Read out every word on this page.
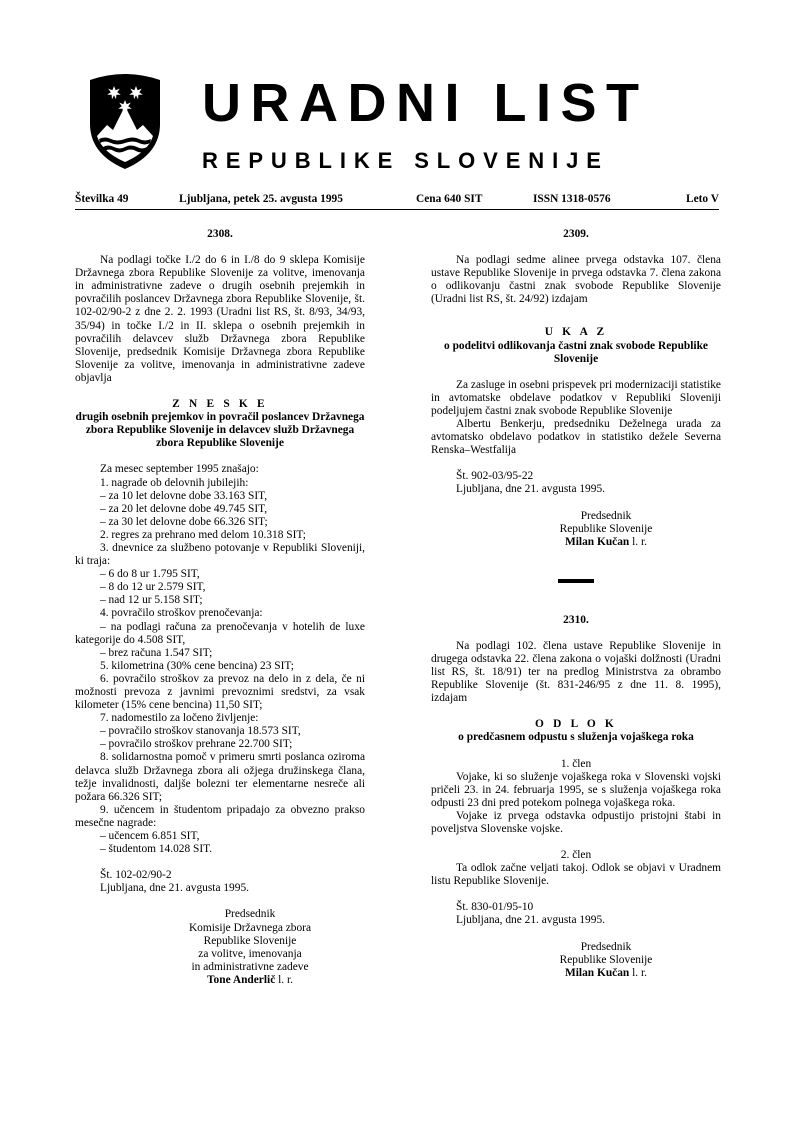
URADNI LIST
REPUBLIKE SLOVENIJE
Številka 49	Ljubljana, petek 25. avgusta 1995	Cena 640 SIT	ISSN 1318-0576	Leto V
2308.

Na podlagi točke I./2 do 6 in I./8 do 9 sklepa Komisije Državnega zbora Republike Slovenije za volitve, imenovanja in administrativne zadeve o drugih osebnih prejemkih in povračilih poslancev Državnega zbora Republike Slovenije, št. 102-02/90-2 z dne 2. 2. 1993 (Uradni list RS, št. 8/93, 34/93, 35/94) in točke I./2 in II. sklepa o osebnih prejemkih in povračilih delavcev služb Državnega zbora Republike Slovenije, predsednik Komisije Državnega zbora Republike Slovenije za volitve, imenovanja in administrativne zadeve objavlja

Z N E S K E
drugih osebnih prejemkov in povračil poslancev Državnega zbora Republike Slovenije in delavcev služb Državnega zbora Republike Slovenije

Za mesec september 1995 znašajo:

1. nagrade ob delovnih jubilejih:

– za 10 let delovne dobe 33.163 SIT,

– za 20 let delovne dobe 49.745 SIT,

– za 30 let delovne dobe 66.326 SIT;

2. regres za prehrano med delom 10.318 SIT;

3. dnevnice za službeno potovanje v Republiki Sloveniji, ki traja:

– 6 do 8 ur 1.795 SIT,

– 8 do 12 ur 2.579 SIT,

– nad 12 ur 5.158 SIT;

4. povračilo stroškov prenočevanja:

– na podlagi računa za prenočevanja v hotelih de luxe kategorije do 4.508 SIT,

– brez računa 1.547 SIT;

5. kilometrina (30% cene bencina) 23 SIT;

6. povračilo stroškov za prevoz na delo in z dela, če ni možnosti prevoza z javnimi prevoznimi sredstvi, za vsak kilometer (15% cene bencina) 11,50 SIT;

7. nadomestilo za ločeno življenje:

– povračilo stroškov stanovanja 18.573 SIT,

– povračilo stroškov prehrane 22.700 SIT;

8. solidarnostna pomoč v primeru smrti poslanca oziroma delavca služb Državnega zbora ali ožjega družinskega člana, težje invalidnosti, daljše bolezni ter elementarne nesreče ali požara 66.326 SIT;

9. učencem in študentom pripadajo za obvezno prakso mesečne nagrade:

– učencem 6.851 SIT,

– študentom 14.028 SIT.

Št. 102-02/90-2
Ljubljana, dne 21. avgusta 1995.
Predsednik
Komisije Državnega zbora
Republike Slovenije
za volitve, imenovanja
in administrativne zadeve
Tone Anderlič l. r.
2309.

Na podlagi sedme alinee prvega odstavka 107. člena ustave Republike Slovenije in prvega odstavka 7. člena zakona o odlikovanju častni znak svobode Republike Slovenije (Uradni list RS, št. 24/92) izdajam

U K A Z
o podelitvi odlikovanja častni znak svobode Republike Slovenije

Za zasluge in osebni prispevek pri modernizaciji statistike in avtomatske obdelave podatkov v Republiki Sloveniji podeljujem častni znak svobode Republike Slovenije

Albertu Benkerju, predsedniku Deželnega urada za avtomatsko obdelavo podatkov in statistiko dežele Severna Renska–Westfalija

Št. 902-03/95-22
Ljubljana, dne 21. avgusta 1995.
Predsednik
Republike Slovenije
Milan Kučan l. r.
2310.

Na podlagi 102. člena ustave Republike Slovenije in drugega odstavka 22. člena zakona o vojaški dolžnosti (Uradni list RS, št. 18/91) ter na predlog Ministrstva za obrambo Republike Slovenije (št. 831-246/95 z dne 11. 8. 1995), izdajam

O D L O K
o predčasnem odpustu s služenja vojaškega roka
1. člen

Vojake, ki so služenje vojaškega roka v Slovenski vojski pričeli 23. in 24. februarja 1995, se s služenja vojaškega roka odpusti 23 dni pred potekom polnega vojaškega roka.

Vojake iz prvega odstavka odpustijo pristojni štabi in poveljstva Slovenske vojske.

2. člen

Ta odlok začne veljati takoj. Odlok se objavi v Uradnem listu Republike Slovenije.

Št. 830-01/95-10
Ljubljana, dne 21. avgusta 1995.
Predsednik
Republike Slovenije
Milan Kučan l. r.
